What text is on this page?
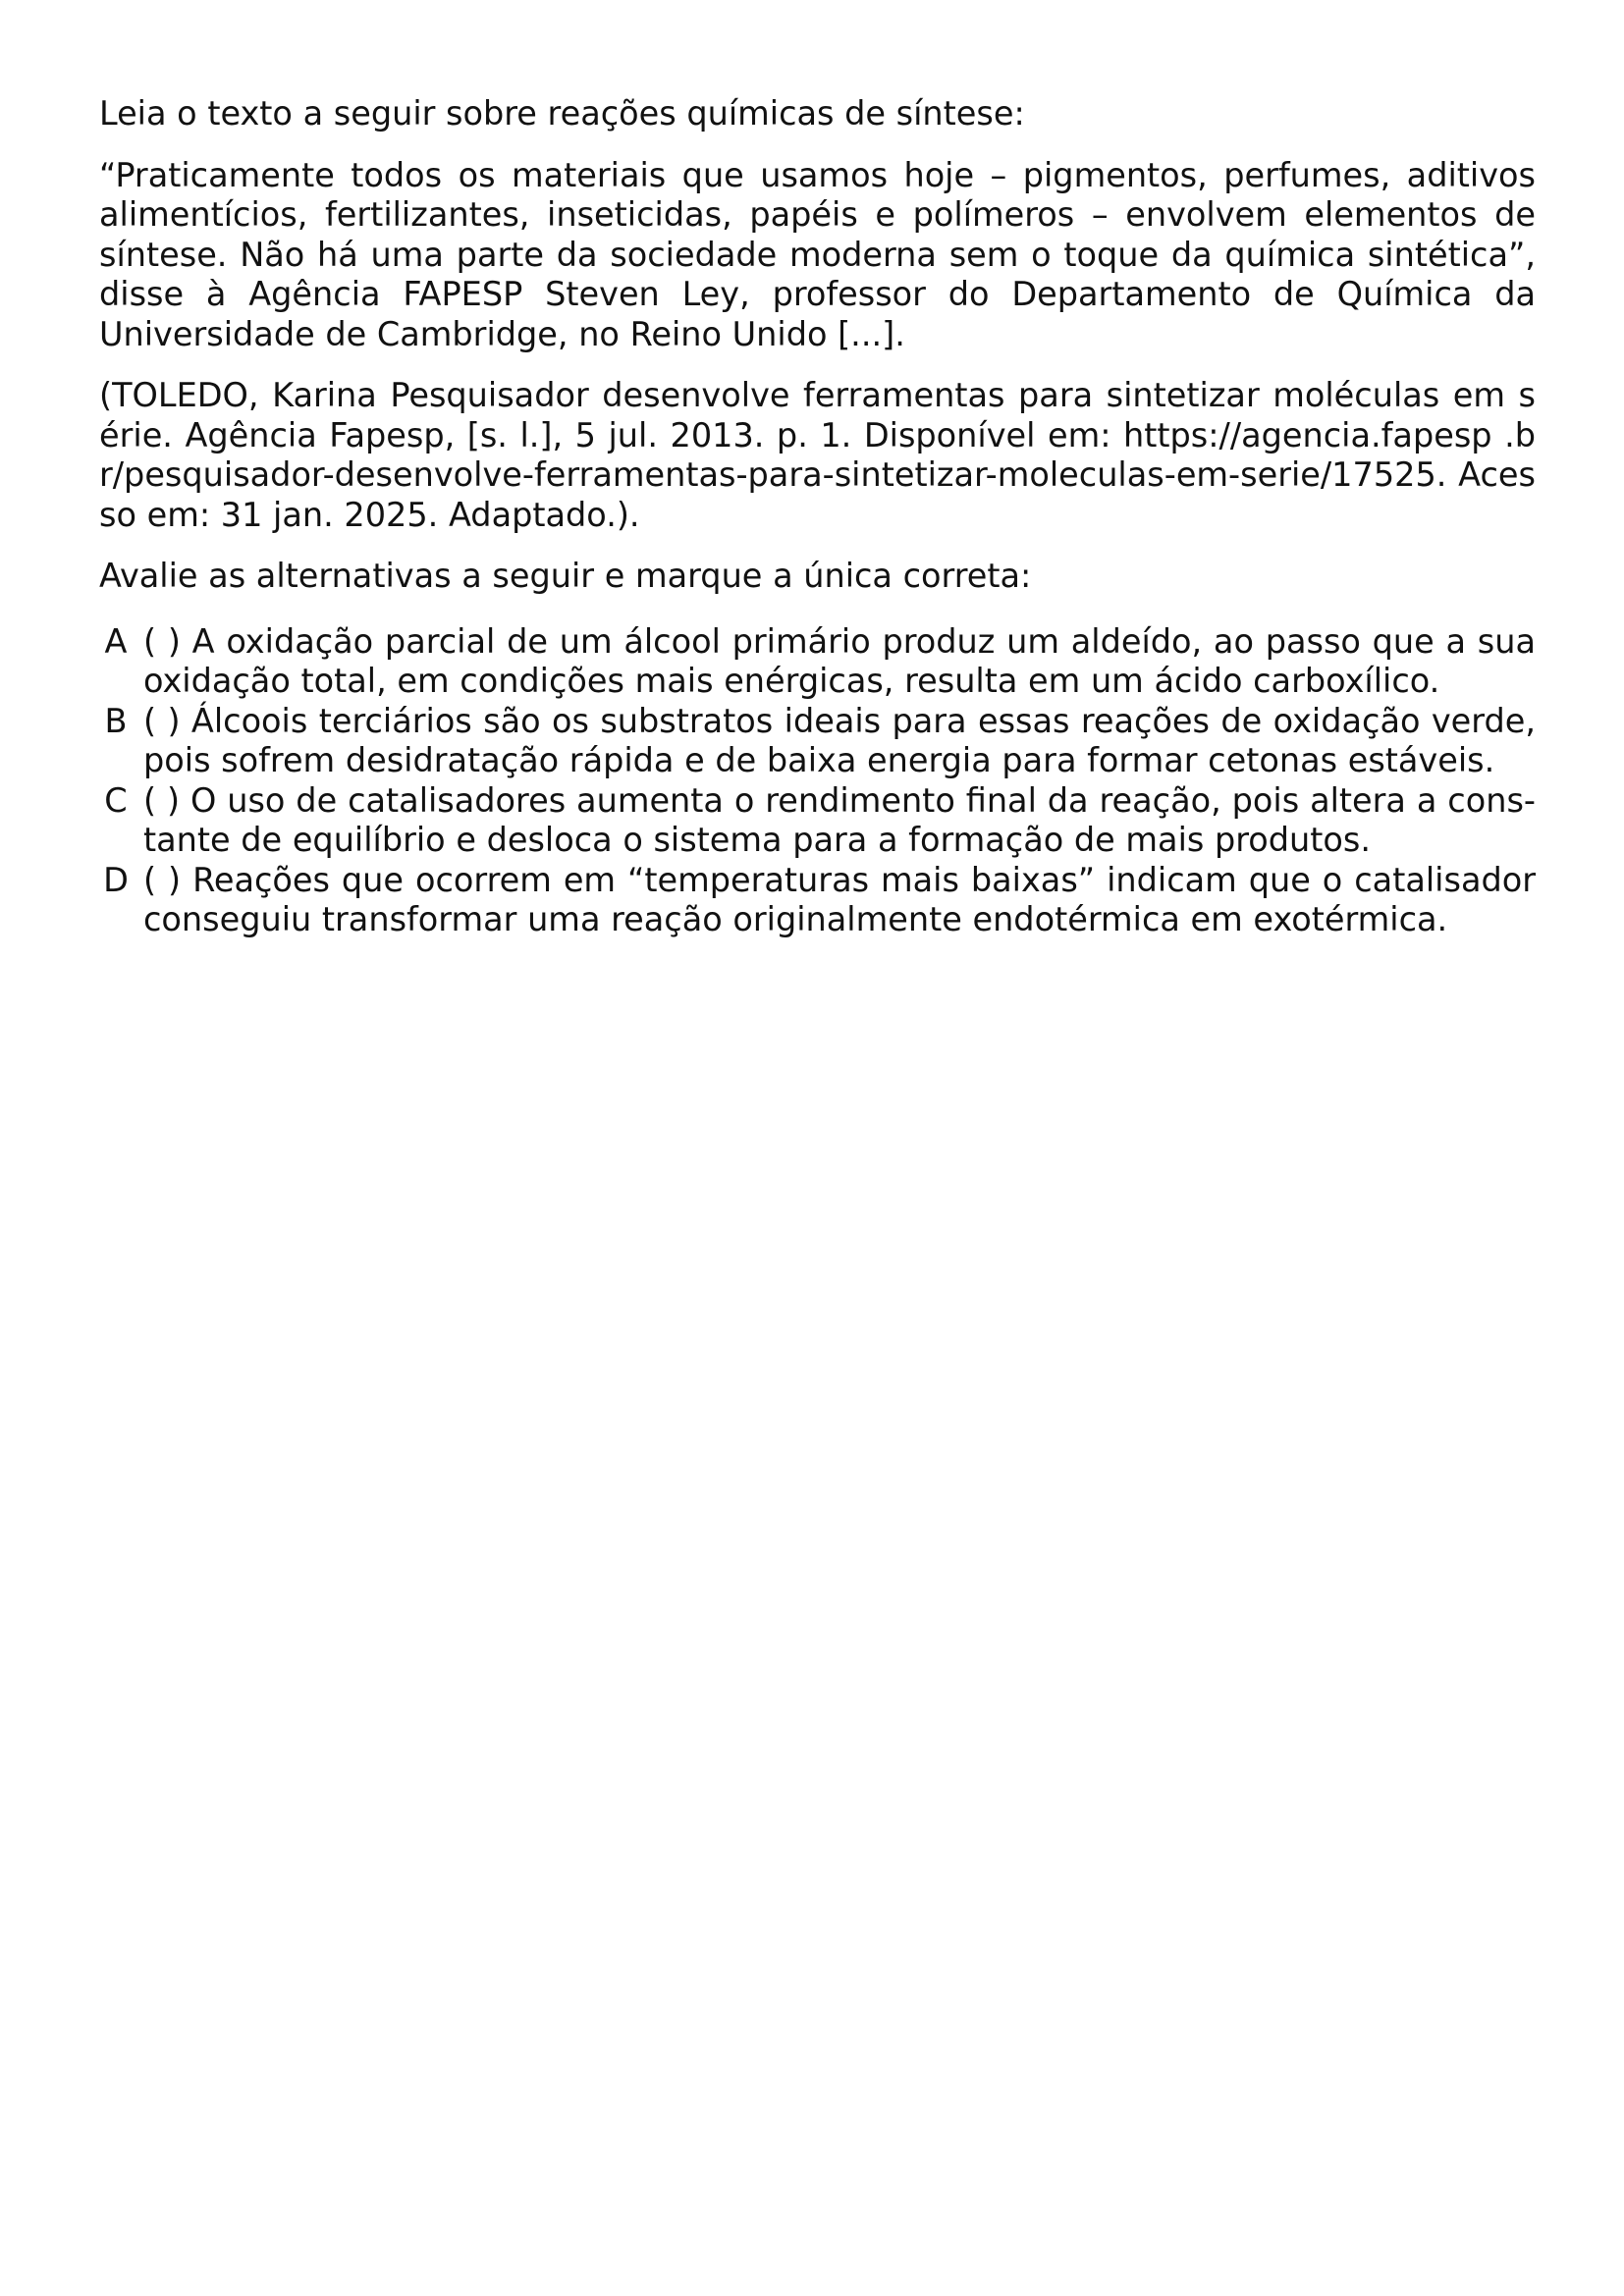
Leia o texto a seguir sobre reações químicas de síntese:

“Praticamente todos os materiais que usamos hoje – pigmentos, perfumes, aditivos alimentícios, fertilizantes, inseticidas, papéis e polímeros – envolvem elementos de síntese. Não há uma parte da sociedade moderna sem o toque da química sintética”, disse à Agência FAPESP Steven Ley, professor do Departamento de Química da Universidade de Cambridge, no Reino Unido [...].

(TOLEDO, Karina Pesquisador desenvolve ferramentas para sintetizar moléculas em série. Agência Fapesp, [s. l.], 5 jul. 2013. p. 1. Disponível em: https://agencia.fapesp .br/pesquisador-desenvolve-ferramentas-para-sintetizar-moleculas-em-serie/17525. Acesso em: 31 jan. 2025. Adaptado.).

Avalie as alternativas a seguir e marque a única correta:

A ( ) A oxidação parcial de um álcool primário produz um aldeído, ao passo que a sua oxidação total, em condições mais enérgicas, resulta em um ácido carboxílico.
B ( ) Álcoois terciários são os substratos ideais para essas reações de oxidação verde, pois sofrem desidratação rápida e de baixa energia para formar cetonas estáveis.
C ( ) O uso de catalisadores aumenta o rendimento final da reação, pois altera a constante de equilíbrio e desloca o sistema para a formação de mais produtos.
D ( ) Reações que ocorrem em “temperaturas mais baixas” indicam que o catalisador conseguiu transformar uma reação originalmente endotérmica em exotérmica.
